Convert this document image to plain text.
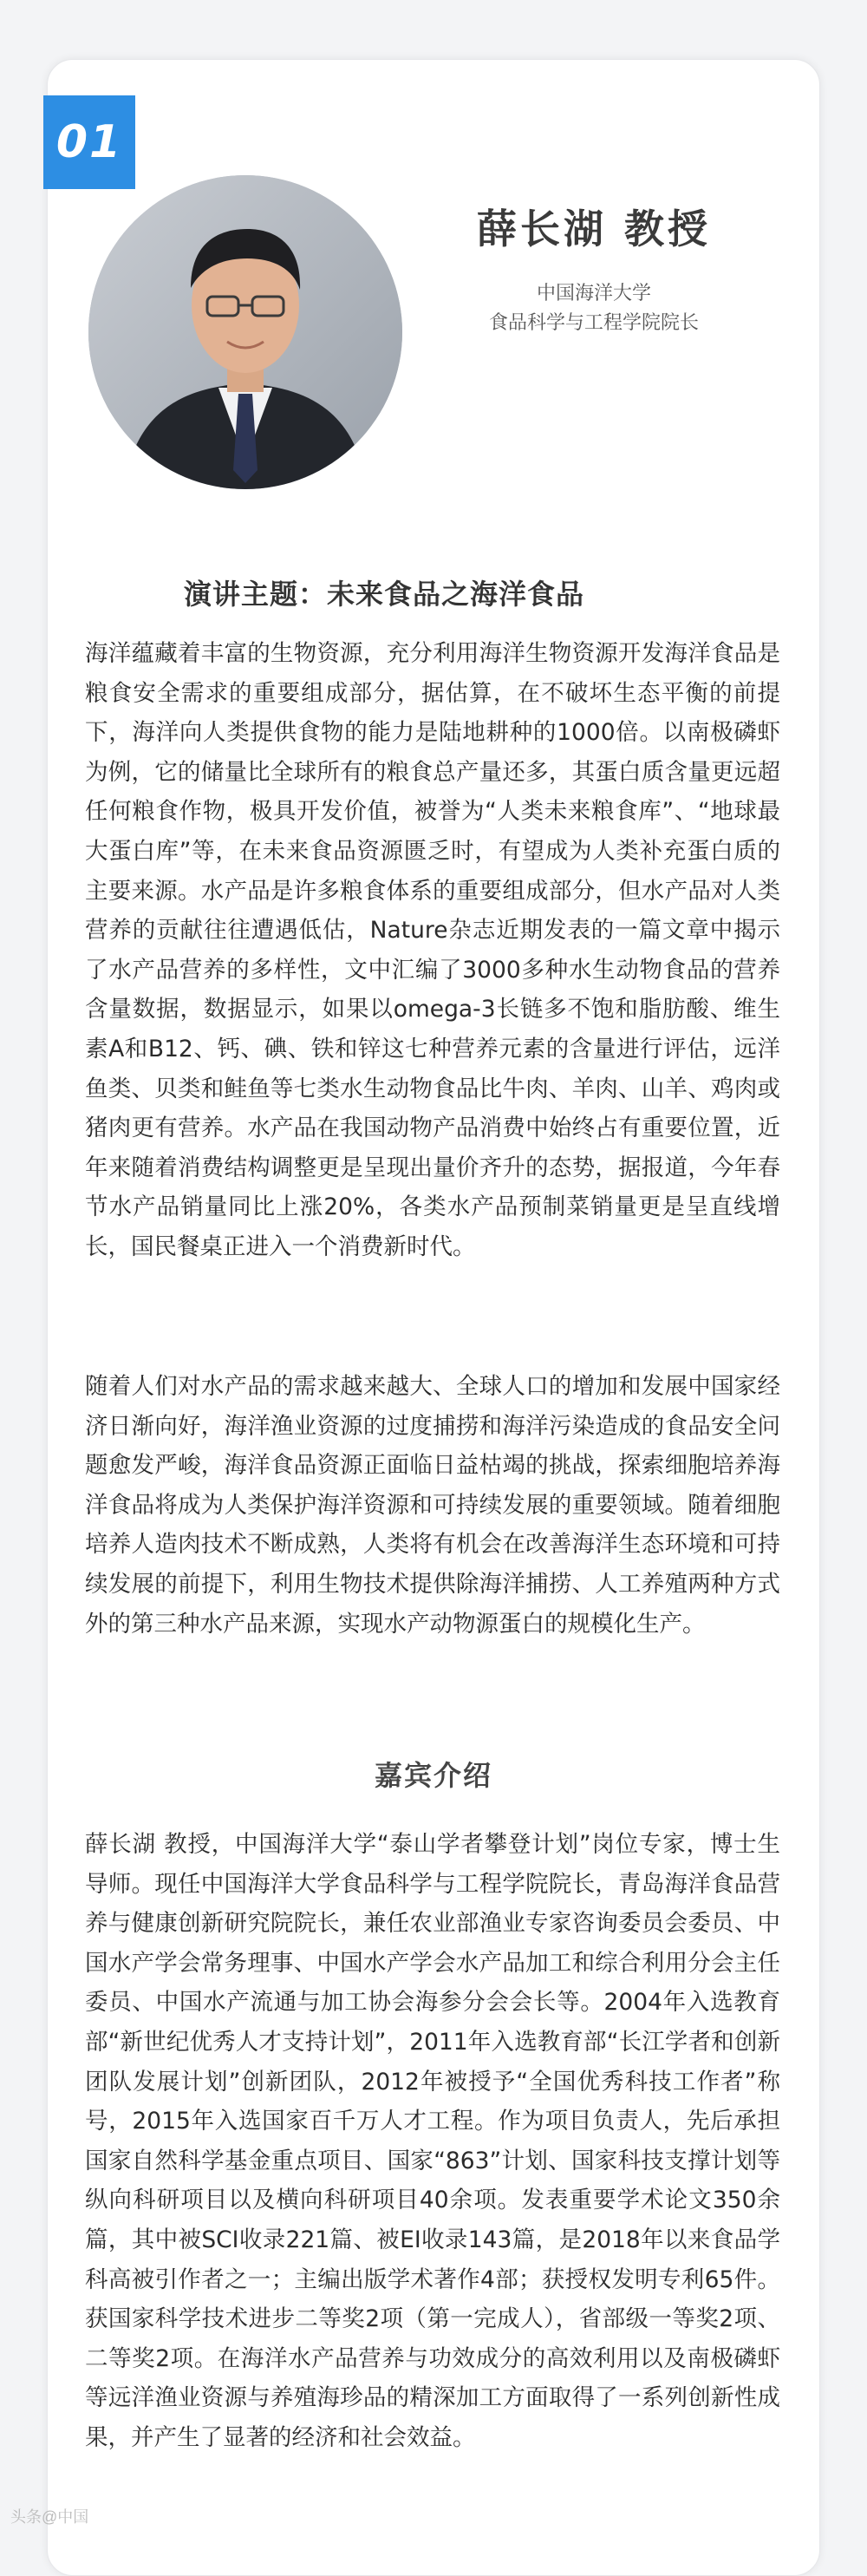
01

薛长湖 教授

中国海洋大学

食品科学与工程学院院长

演讲主题：未来食品之海洋食品

海洋蕴藏着丰富的生物资源，充分利用海洋生物资源开发海洋食品是粮食安全需求的重要组成部分，据估算，在不破坏生态平衡的前提下，海洋向人类提供食物的能力是陆地耕种的1000倍。以南极磷虾为例，它的储量比全球所有的粮食总产量还多，其蛋白质含量更远超任何粮食作物，极具开发价值，被誉为“人类未来粮食库”、“地球最大蛋白库”等，在未来食品资源匮乏时，有望成为人类补充蛋白质的主要来源。水产品是许多粮食体系的重要组成部分，但水产品对人类营养的贡献往往遭遇低估，Nature杂志近期发表的一篇文章中揭示了水产品营养的多样性，文中汇编了3000多种水生动物食品的营养含量数据，数据显示，如果以omega-3长链多不饱和脂肪酸、维生素A和B12、钙、碘、铁和锌这七种营养元素的含量进行评估，远洋鱼类、贝类和鲑鱼等七类水生动物食品比牛肉、羊肉、山羊、鸡肉或猪肉更有营养。水产品在我国动物产品消费中始终占有重要位置，近年来随着消费结构调整更是呈现出量价齐升的态势，据报道，今年春节水产品销量同比上涨20%，各类水产品预制菜销量更是呈直线增长，国民餐桌正进入一个消费新时代。

随着人们对水产品的需求越来越大、全球人口的增加和发展中国家经济日渐向好，海洋渔业资源的过度捕捞和海洋污染造成的食品安全问题愈发严峻，海洋食品资源正面临日益枯竭的挑战，探索细胞培养海洋食品将成为人类保护海洋资源和可持续发展的重要领域。随着细胞培养人造肉技术不断成熟，人类将有机会在改善海洋生态环境和可持续发展的前提下，利用生物技术提供除海洋捕捞、人工养殖两种方式外的第三种水产品来源，实现水产动物源蛋白的规模化生产。

嘉宾介绍

薛长湖 教授，中国海洋大学“泰山学者攀登计划”岗位专家，博士生导师。现任中国海洋大学食品科学与工程学院院长，青岛海洋食品营养与健康创新研究院院长，兼任农业部渔业专家咨询委员会委员、中国水产学会常务理事、中国水产学会水产品加工和综合利用分会主任委员、中国水产流通与加工协会海参分会会长等。2004年入选教育部“新世纪优秀人才支持计划”，2011年入选教育部“长江学者和创新团队发展计划”创新团队，2012年被授予“全国优秀科技工作者”称号，2015年入选国家百千万人才工程。作为项目负责人，先后承担国家自然科学基金重点项目、国家“863”计划、国家科技支撑计划等纵向科研项目以及横向科研项目40余项。发表重要学术论文350余篇，其中被SCI收录221篇、被EI收录143篇，是2018年以来食品学科高被引作者之一；主编出版学术著作4部；获授权发明专利65件。获国家科学技术进步二等奖2项（第一完成人），省部级一等奖2项、二等奖2项。在海洋水产品营养与功效成分的高效利用以及南极磷虾等远洋渔业资源与养殖海珍品的精深加工方面取得了一系列创新性成果，并产生了显著的经济和社会效益。

头条@中国
